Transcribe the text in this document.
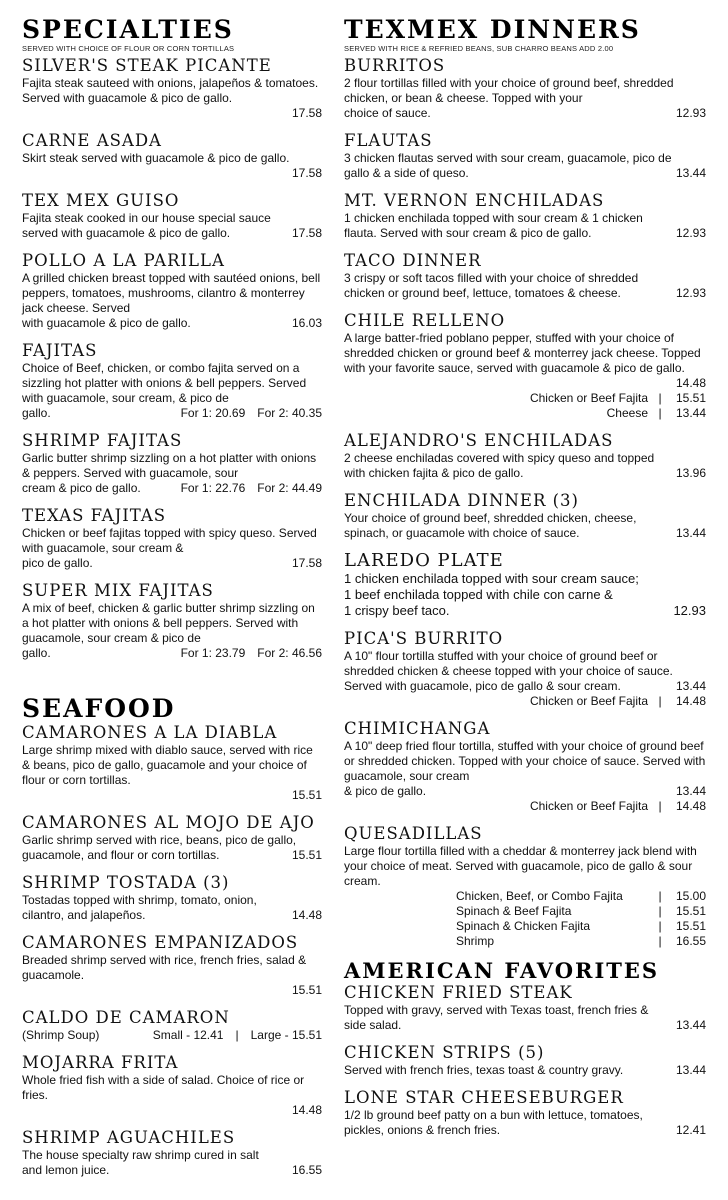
SPECIALTIES

SERVED WITH CHOICE OF FLOUR OR CORN TORTILLAS

SILVER'S STEAK PICANTE

Fajita steak sauteed with onions, jalapeños & tomatoes. Served with guacamole & pico de gallo.

17.58

CARNE ASADA

Skirt steak served with guacamole & pico de gallo.

17.58

TEX MEX GUISO

Fajita steak cooked in our house special sauce

served with guacamole & pico de gallo.	17.58

POLLO A LA PARILLA

A grilled chicken breast topped with sautéed onions, bell peppers, tomatoes, mushrooms, cilantro & monterrey jack cheese. Served

with guacamole & pico de gallo.	16.03

FAJITAS

Choice of Beef, chicken, or combo fajita served on a sizzling hot platter with onions & bell peppers. Served with guacamole, sour cream, & pico de

gallo.	For 1: 20.69 For 2: 40.35

SHRIMP FAJITAS

Garlic butter shrimp sizzling on a hot platter with onions & peppers. Served with guacamole, sour

cream & pico de gallo.	For 1: 22.76 For 2: 44.49

TEXAS FAJITAS

Chicken or beef fajitas topped with spicy queso. Served with guacamole, sour cream &

pico de gallo.	17.58

SUPER MIX FAJITAS

A mix of beef, chicken & garlic butter shrimp sizzling on a hot platter with onions & bell peppers. Served with guacamole, sour cream & pico de

gallo.	For 1: 23.79 For 2: 46.56
SEAFOOD

CAMARONES A LA DIABLA

Large shrimp mixed with diablo sauce, served with rice & beans, pico de gallo, guacamole and your choice of flour or corn tortillas.

15.51

CAMARONES AL MOJO DE AJO

Garlic shrimp served with rice, beans, pico de gallo,

guacamole, and flour or corn tortillas.	15.51

SHRIMP TOSTADA (3)

Tostadas topped with shrimp, tomato, onion,

cilantro, and jalapeños.	14.48

CAMARONES EMPANIZADOS

Breaded shrimp served with rice, french fries, salad & guacamole.

15.51

CALDO DE CAMARON

(Shrimp Soup)	Small - 12.41 | Large - 15.51

MOJARRA FRITA

Whole fried fish with a side of salad. Choice of rice or fries.

14.48

SHRIMP AGUACHILES

The house specialty raw shrimp cured in salt

and lemon juice.	16.55
TEXMEX DINNERS

SERVED WITH RICE & REFRIED BEANS, SUB CHARRO BEANS ADD 2.00

BURRITOS

2 flour tortillas filled with your choice of ground beef, shredded chicken, or bean & cheese. Topped with your

choice of sauce.	12.93

FLAUTAS

3 chicken flautas served with sour cream, guacamole, pico de

gallo & a side of queso.	13.44

MT. VERNON ENCHILADAS

1 chicken enchilada topped with sour cream & 1 chicken

flauta. Served with sour cream & pico de gallo.	12.93

TACO DINNER

3 crispy or soft tacos filled with your choice of shredded

chicken or ground beef, lettuce, tomatoes & cheese.	12.93

CHILE RELLENO

A large batter-fried poblano pepper, stuffed with your choice of shredded chicken or ground beef & monterrey jack cheese. Topped with your favorite sauce, served with guacamole & pico de gallo.

14.48
Chicken or Beef Fajita |	15.51
Cheese |	13.44

ALEJANDRO'S ENCHILADAS

2 cheese enchiladas covered with spicy queso and topped

with chicken fajita & pico de gallo.	13.96

ENCHILADA DINNER (3)

Your choice of ground beef, shredded chicken, cheese,

spinach, or guacamole with choice of sauce.	13.44

LAREDO PLATE

1 chicken enchilada topped with sour cream sauce;

1 beef enchilada topped with chile con carne &

1 crispy beef taco.	12.93

PICA'S BURRITO

A 10" flour tortilla stuffed with your choice of ground beef or shredded chicken & cheese topped with your choice of sauce.

Served with guacamole, pico de gallo & sour cream.	13.44
Chicken or Beef Fajita |	14.48

CHIMICHANGA

A 10" deep fried flour tortilla, stuffed with your choice of ground beef or shredded chicken. Topped with your choice of sauce. Served with guacamole, sour cream

& pico de gallo.	13.44
Chicken or Beef Fajita |	14.48

QUESADILLAS

Large flour tortilla filled with a cheddar & monterrey jack blend with your choice of meat. Served with guacamole, pico de gallo & sour cream.

Chicken, Beef, or Combo Fajita	|	15.00
Spinach & Beef Fajita	|	15.51
Spinach & Chicken Fajita	|	15.51
Shrimp	|	16.55
AMERICAN FAVORITES

CHICKEN FRIED STEAK

Topped with gravy, served with Texas toast, french fries &

side salad.	13.44

CHICKEN STRIPS (5)

Served with french fries, texas toast & country gravy.	13.44

LONE STAR CHEESEBURGER

1/2 lb ground beef patty on a bun with lettuce, tomatoes,

pickles, onions & french fries.	12.41
